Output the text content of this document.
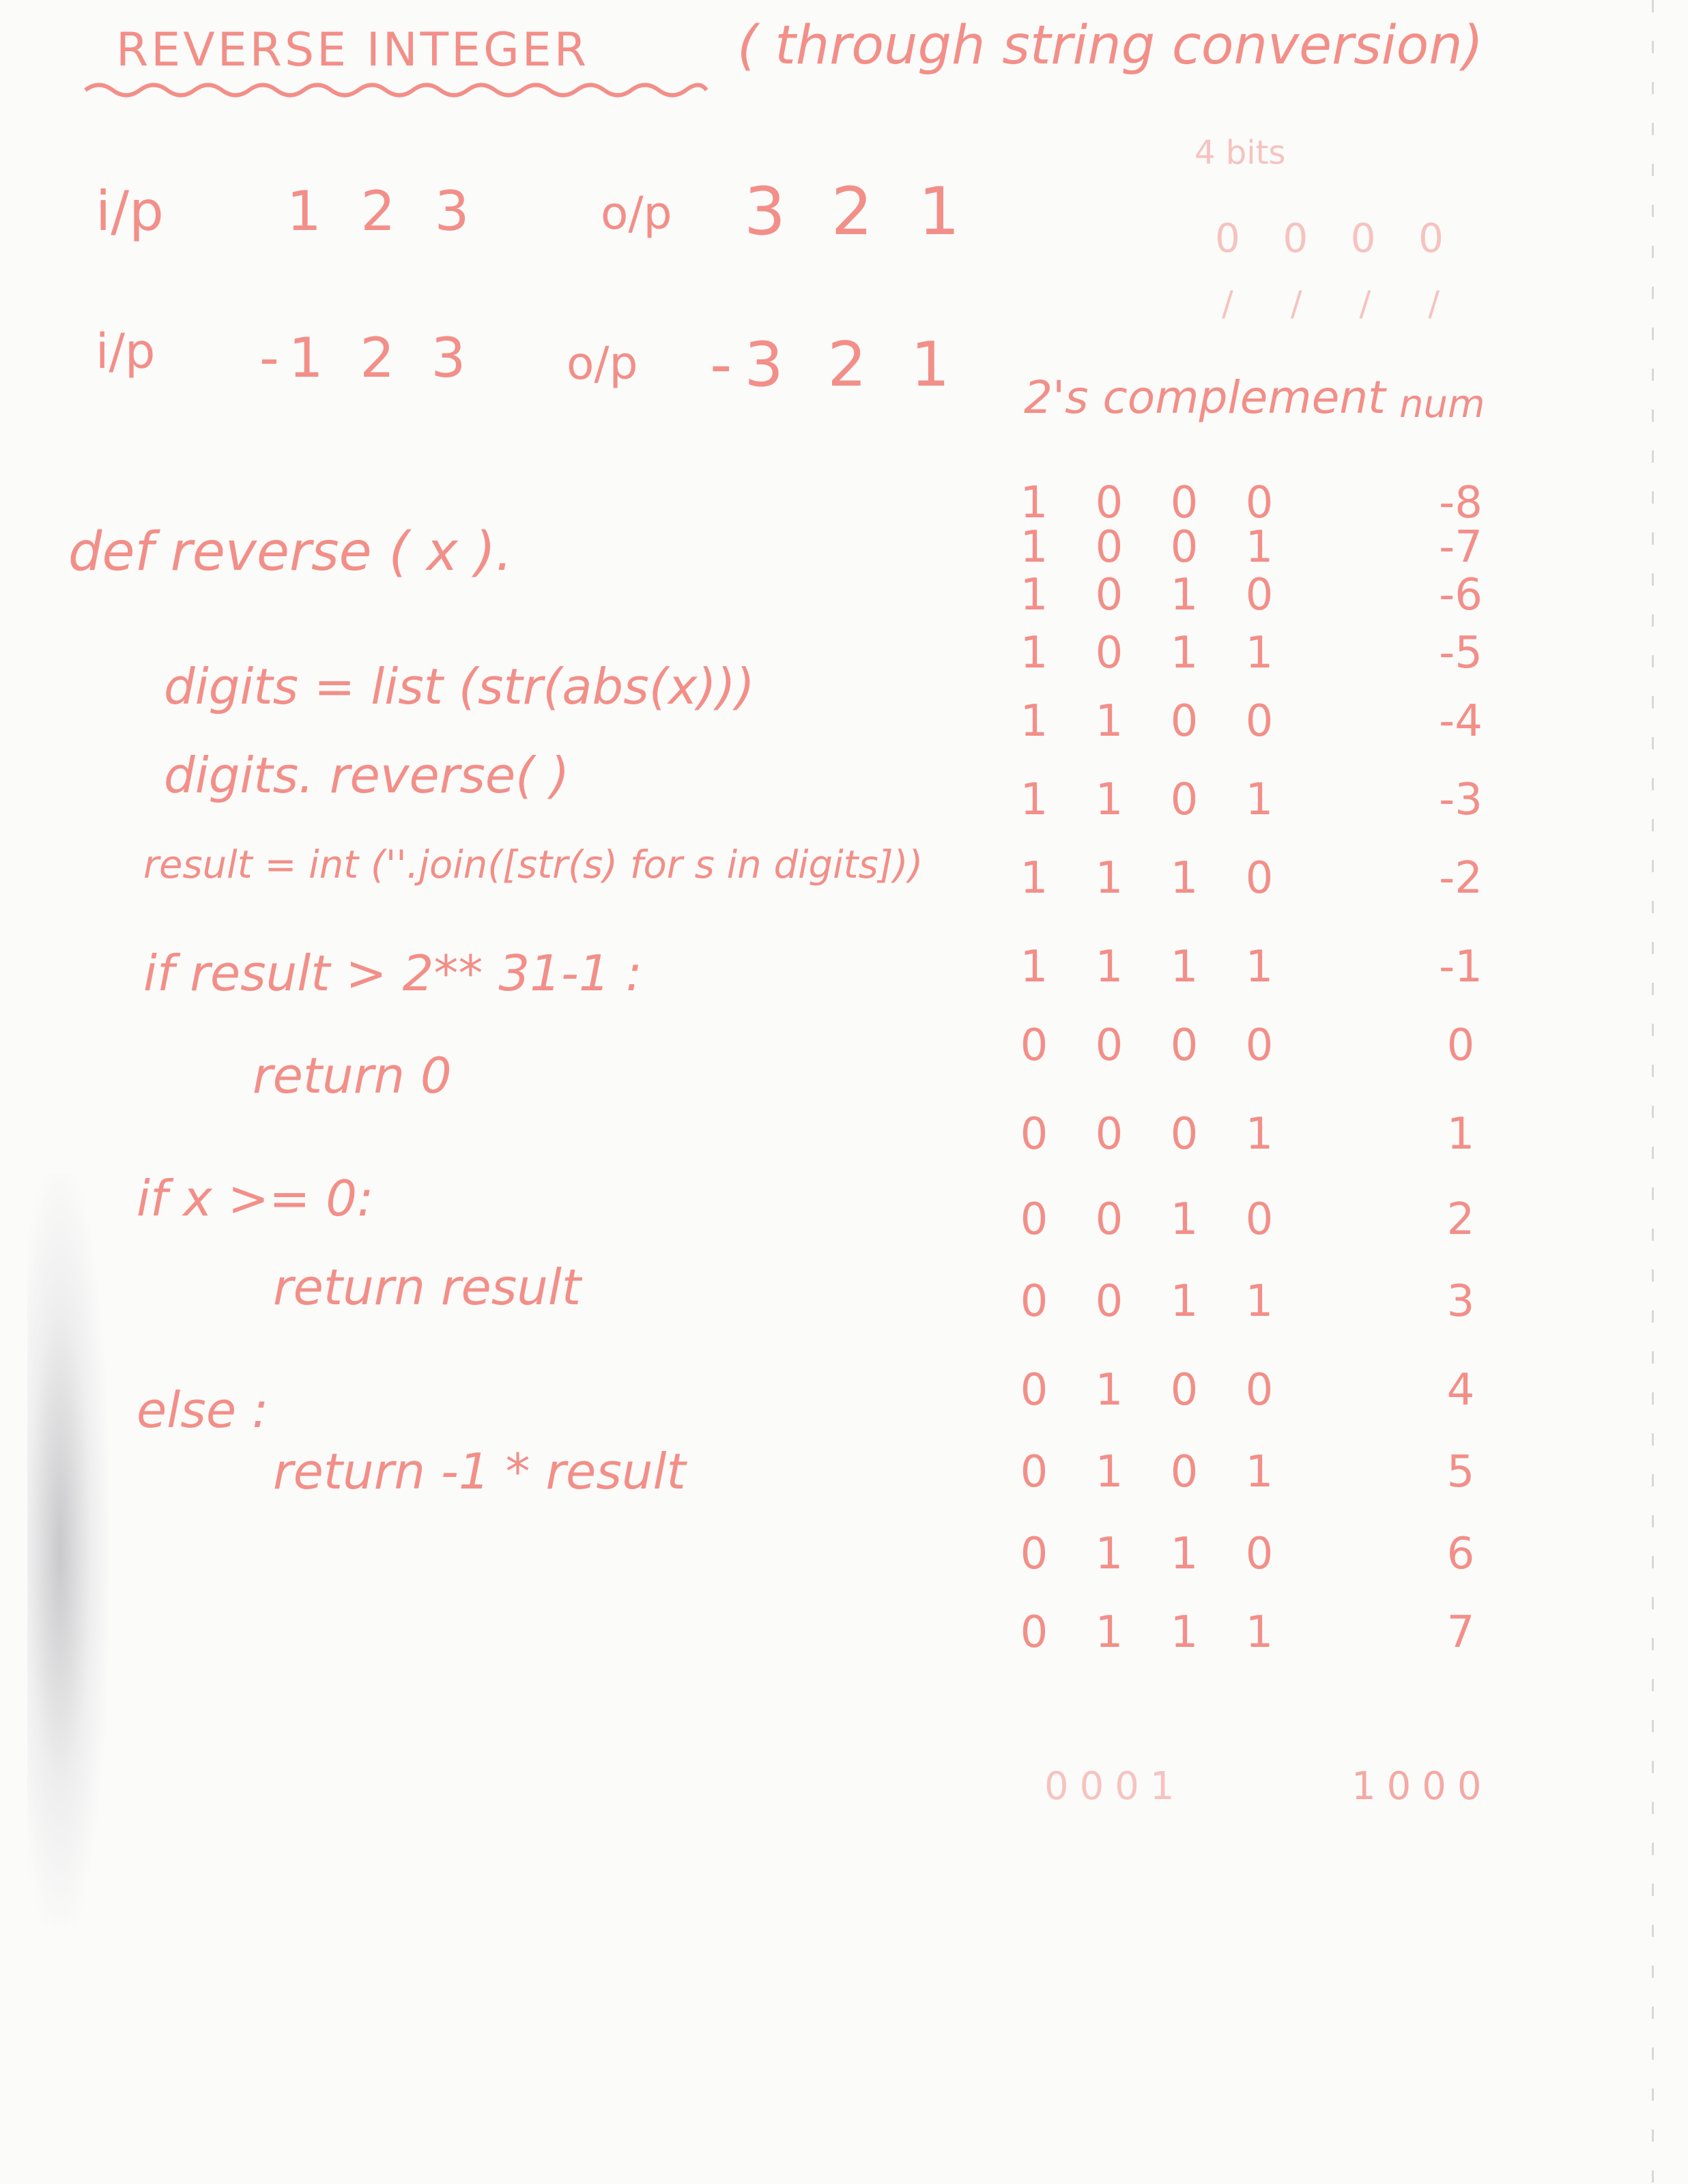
REVERSE INTEGER	( through string conversion)
i/p 1 2 3	o/p 3 2 1
i/p -1 2 3 o/p -3 2 1
def reverse ( x ).
digits = list (str(abs(x)))
digits. reverse( )
result = int (''.join([str(s) for s in digits]))
if result > 2** 31-1 :
return 0
if x >= 0:
return result
else :
return -1 * result
4 bits
0 0 0 0
/ / / /
2's complement num
1 0 0 0	-8
1 0 0 1	-7
1 0 1 0	-6
1 0 1 1	-5
1 1 0 0	-4
1 1 0 1	-3
1 1 1 0	-2
1 1 1 1	-1
0 0 0 0	0
0 0 0 1	1
0 0 1 0	2
0 0 1 1	3
0 1 0 0	4
0 1 0 1	5
0 1 1 0	6
0 1 1 1	7
0001	1000
